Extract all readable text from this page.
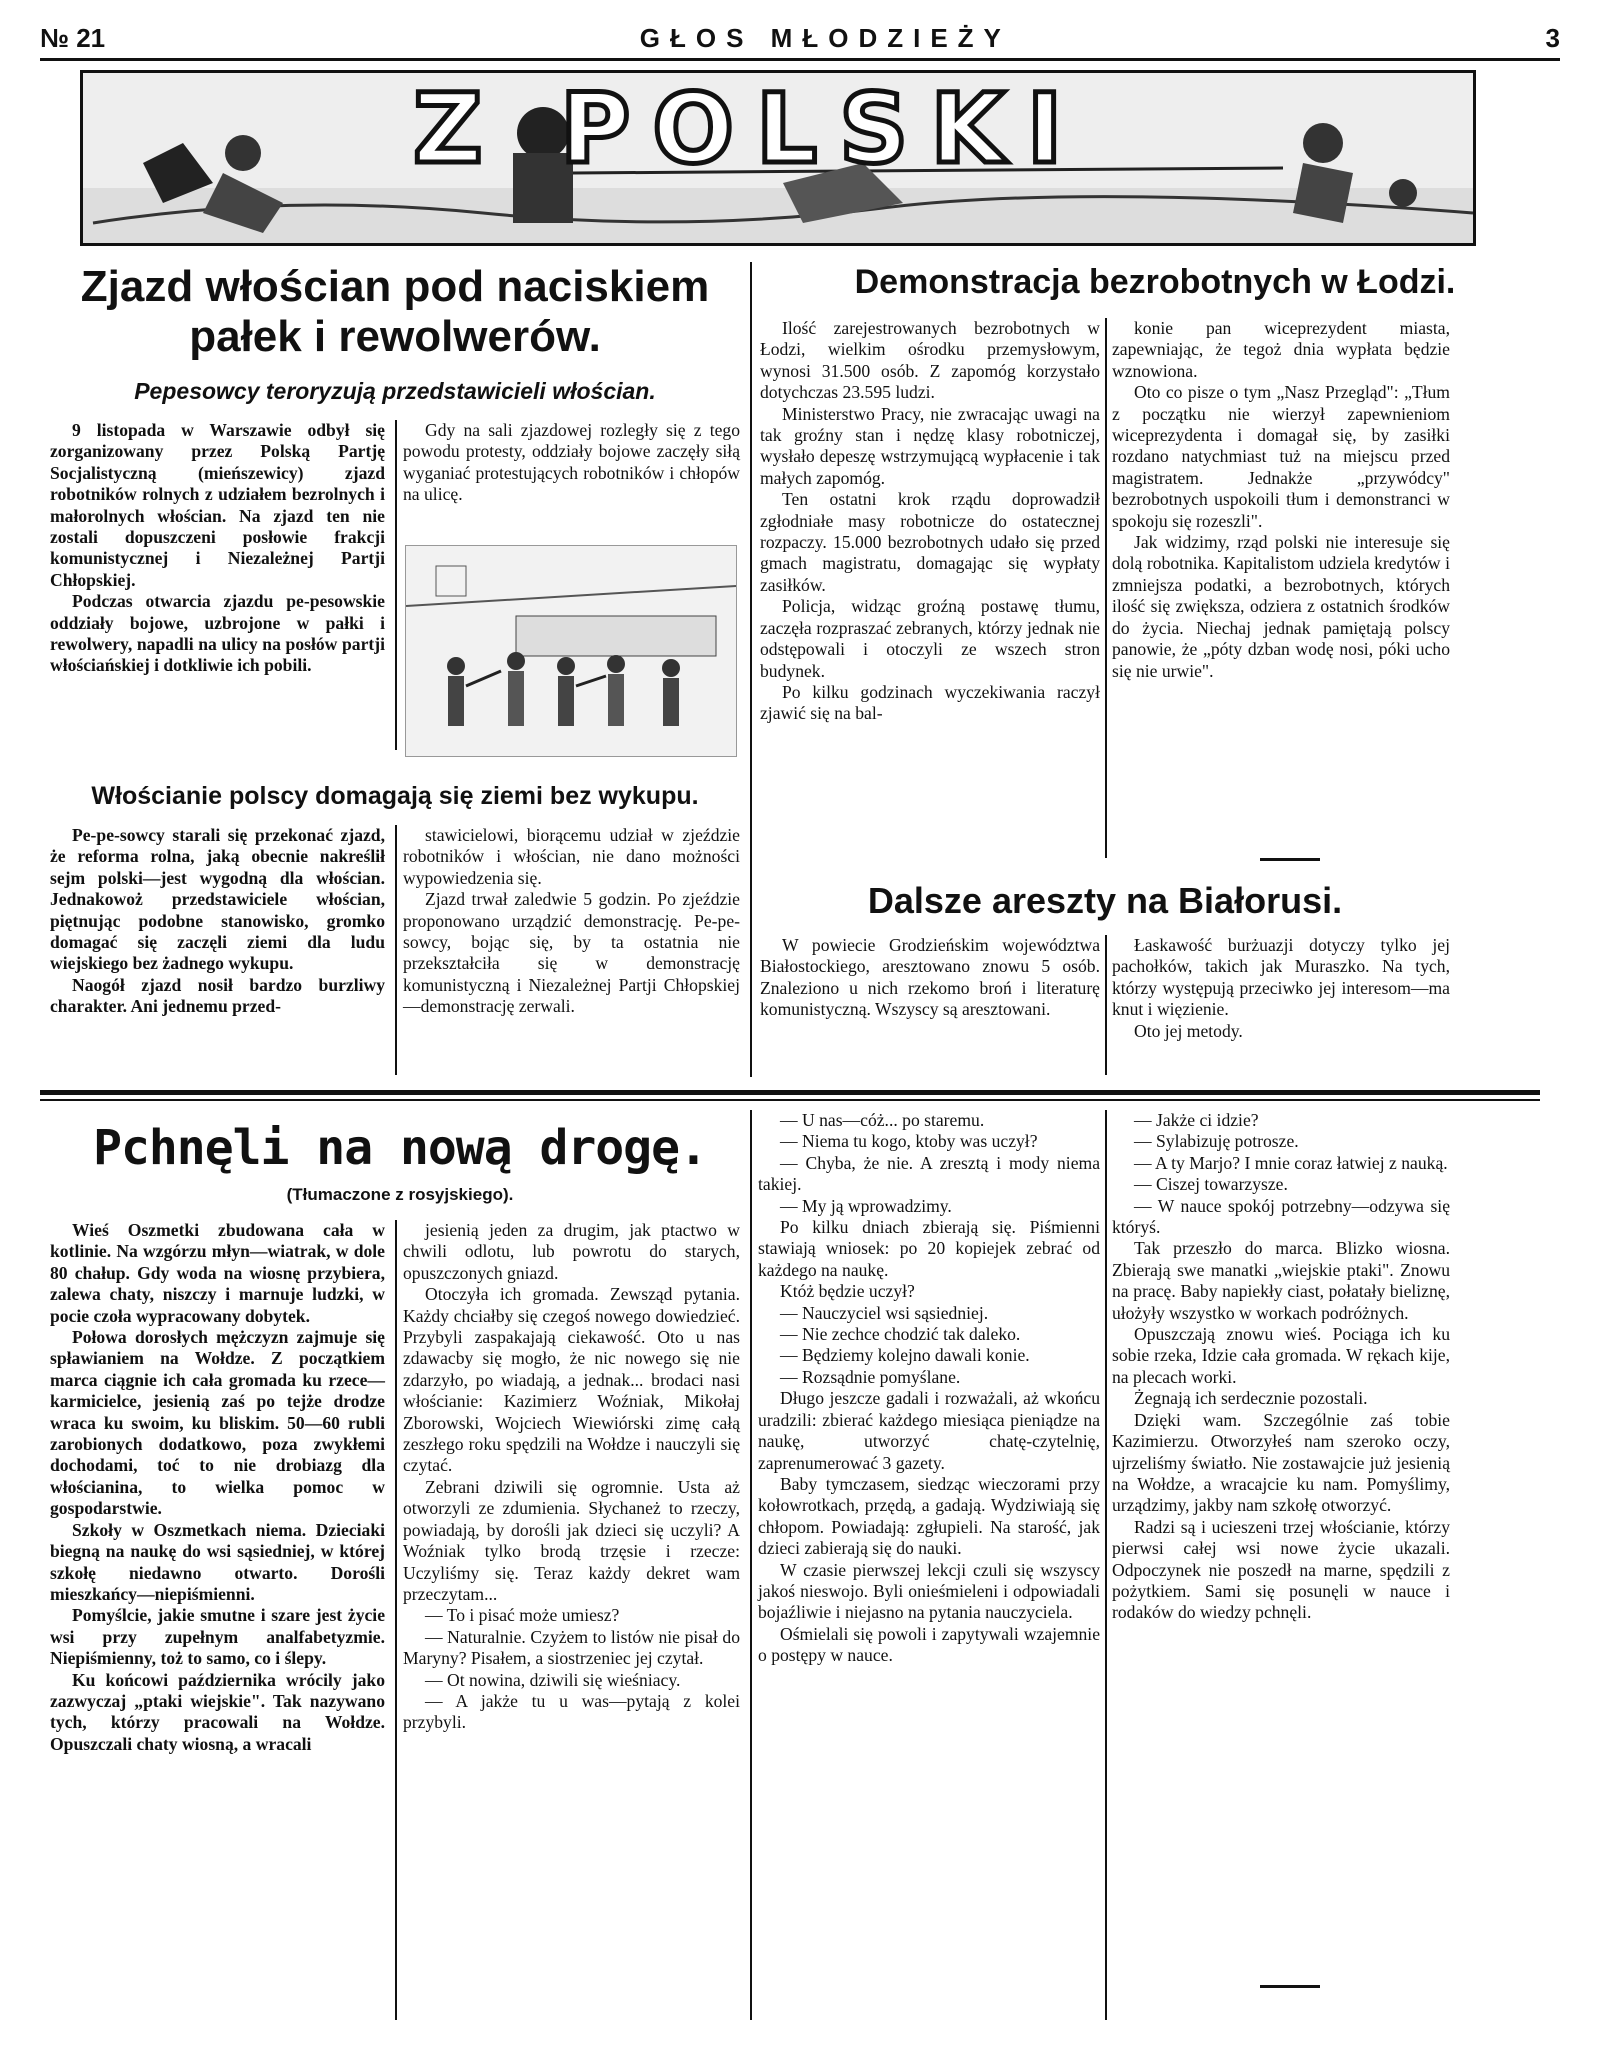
№ 21	GŁOS MŁODZIEŻY	3
Z POLSKI
Zjazd włościan pod naciskiem pałek i rewolwerów.
Pepesowcy teroryzują przedstawicieli włościan.

9 listopada w Warszawie odbył się zorganizowany przez Polską Partję Socjalistyczną (mieńszewicy) zjazd robotników rolnych z udziałem bezrolnych i małorolnych włościan. Na zjazd ten nie zostali dopuszczeni posłowie frakcji komunistycznej i Niezależnej Partji Chłopskiej.

Podczas otwarcia zjazdu pe-pesowskie oddziały bojowe, uzbrojone w pałki i rewolwery, napadli na ulicy na posłów partji włościańskiej i dotkliwie ich pobili.

Gdy na sali zjazdowej rozległy się z tego powodu protesty, oddziały bojowe zaczęły siłą wyganiać protestujących robotników i chłopów na ulicę.

Włościanie polscy domagają się ziemi bez wykupu.

Pe-pe-sowcy starali się przekonać zjazd, że reforma rolna, jaką obecnie nakreślił sejm polski—jest wygodną dla włościan. Jednakowoż przedstawiciele włościan, piętnując podobne stanowisko, gromko domagać się zaczęli ziemi dla ludu wiejskiego bez żadnego wykupu.

Naogół zjazd nosił bardzo burzliwy charakter. Ani jednemu przed-

stawicielowi, biorącemu udział w zjeździe robotników i włościan, nie dano możności wypowiedzenia się.

Zjazd trwał zaledwie 5 godzin. Po zjeździe proponowano urządzić demonstrację. Pe-pe-sowcy, bojąc się, by ta ostatnia nie przekształciła się w demonstrację komunistyczną i Niezależnej Partji Chłopskiej—demonstrację zerwali.

Demonstracja bezrobotnych w Łodzi.

Ilość zarejestrowanych bezrobotnych w Łodzi, wielkim ośrodku przemysłowym, wynosi 31.500 osób. Z zapomóg korzystało dotychczas 23.595 ludzi.

Ministerstwo Pracy, nie zwracając uwagi na tak groźny stan i nędzę klasy robotniczej, wysłało depeszę wstrzymującą wypłacenie i tak małych zapomóg.

Ten ostatni krok rządu doprowadził zgłodniałe masy robotnicze do ostatecznej rozpaczy. 15.000 bezrobotnych udało się przed gmach magistratu, domagając się wypłaty zasiłków.

Policja, widząc groźną postawę tłumu, zaczęła rozpraszać zebranych, którzy jednak nie odstępowali i otoczyli ze wszech stron budynek.

Po kilku godzinach wyczekiwania raczył zjawić się na bal-

konie pan wiceprezydent miasta, zapewniając, że tegoż dnia wypłata będzie wznowiona.

Oto co pisze o tym „Nasz Przegląd": „Tłum z początku nie wierzył zapewnieniom wiceprezydenta i domagał się, by zasiłki rozdano natychmiast tuż na miejscu przed magistratem. Jednakże „przywódcy" bezrobotnych uspokoili tłum i demonstranci w spokoju się rozeszli".

Jak widzimy, rząd polski nie interesuje się dolą robotnika. Kapitalistom udziela kredytów i zmniejsza podatki, a bezrobotnych, których ilość się zwiększa, odziera z ostatnich środków do życia. Niechaj jednak pamiętają polscy panowie, że „póty dzban wodę nosi, póki ucho się nie urwie".

Dalsze aresztу na Białorusi.

W powiecie Grodzieńskim województwa Białostockiego, aresztowano znowu 5 osób. Znaleziono u nich rzekomo broń i literaturę komunistyczną. Wszyscy są aresztowani.

Łaskawość burżuazji dotyczy tylko jej pachołków, takich jak Muraszko. Na tych, którzy występują przeciwko jej interesom—ma knut i więzienie.

Oto jej metody.

Pchnęli na nową drogę.
(Tłumaczone z rosyjskiego).

Wieś Oszmetki zbudowana cała w kotlinie. Na wzgórzu młyn—wiatrak, w dole 80 chałup. Gdy woda na wiosnę przybiera, zalewa chaty, niszczy i marnuje ludzki, w pocie czoła wypracowany dobytek.

Połowa dorosłych mężczyzn zajmuje się spławianiem na Wołdze. Z początkiem marca ciągnie ich cała gromada ku rzece—karmicielce, jesienią zaś po tejże drodze wraca ku swoim, ku bliskim. 50—60 rubli zarobionych dodatkowo, poza zwykłemi dochodami, toć to nie drobiazg dla włościanina, to wielka pomoc w gospodarstwie.

Szkoły w Oszmetkach niema. Dzieciaki biegną na naukę do wsi sąsiedniej, w której szkołę niedawno otwarto. Dorośli mieszkańcy—niepiśmienni.

Pomyślcie, jakie smutne i szare jest życie wsi przy zupełnym analfabetyzmie. Niepiśmienny, toż to samo, co i ślepy.

Ku końcowi października wrócily jako zazwyczaj „ptaki wiejskie". Tak nazywano tych, którzy pracowali na Wołdze. Opuszczali chaty wiosną, a wracali

jesienią jeden za drugim, jak ptactwo w chwili odlotu, lub powrotu do starych, opuszczonych gniazd.

Otoczyła ich gromada. Zewsząd pytania. Każdy chciałby się czegoś nowego dowiedzieć. Przybyli zaspakajają ciekawość. Oto u nas zdawacby się mogło, że nic nowego się nie zdarzyło, po wiadają, a jednak... brodaci nasi włościanie: Kazimierz Woźniak, Mikołaj Zborowski, Wojciech Wiewiórski zimę całą zeszłego roku spędzili na Wołdze i nauczyli się czytać.

Zebrani dziwili się ogromnie. Usta aż otworzyli ze zdumienia. Słychaneż to rzeczy, powiadają, by dorośli jak dzieci się uczyli? A Woźniak tylko brodą trzęsie i rzecze: Uczyliśmy się. Teraz każdy dekret wam przeczytam...

— To i pisać może umiesz?

— Naturalnie. Czyżem to listów nie pisał do Maryny? Pisałem, a siostrzeniec jej czytał.

— Ot nowina, dziwili się wieśniacy.

— A jakże tu u was—pytają z kolei przybyli.

— U nas—cóż... po staremu.

— Niema tu kogo, ktoby was uczył?

— Chyba, że nie. A zresztą i mody niema takiej.

— My ją wprowadzimy.

Po kilku dniach zbierają się. Piśmienni stawiają wniosek: po 20 kopiejek zebrać od każdego na naukę.

Któż będzie uczył?

— Nauczyciel wsi sąsiedniej.

— Nie zechce chodzić tak daleko.

— Będziemy kolejno dawali konie.

— Rozsądnie pomyślane.

Długo jeszcze gadali i rozważali, aż wkońcu uradzili: zbierać każdego miesiąca pieniądze na naukę, utworzyć chatę-czytelnię, zaprenumerować 3 gazety.

Baby tymczasem, siedząc wieczorami przy kołowrotkach, przędą, a gadają. Wydziwiają się chłopom. Powiadają: zgłupieli. Na starość, jak dzieci zabierają się do nauki.

W czasie pierwszej lekcji czuli się wszyscy jakoś nieswojo. Byli onieśmieleni i odpowiadali bojaźliwie i niejasno na pytania nauczyciela.

Ośmielali się powoli i zapytywali wzajemnie o postępy w nauce.

— Jakże ci idzie?

— Sylabizuję potrosze.

— A ty Marjo? I mnie coraz łatwiej z nauką.

— Ciszej towarzysze.

— W nauce spokój potrzebny—odzywa się któryś.

Tak przeszło do marca. Blizko wiosna. Zbierają swe manatki „wiejskie ptaki". Znowu na pracę. Baby napiekły ciast, połatały bieliznę, ułożyły wszystko w workach podróżnych.

Opuszczają znowu wieś. Pociąga ich ku sobie rzeka, Idzie cała gromada. W rękach kije, na plecach worki.

Żegnają ich serdecznie pozostali.

Dzięki wam. Szczególnie zaś tobie Kazimierzu. Otworzyłeś nam szeroko oczy, ujrzeliśmy światło. Nie zostawajcie już jesienią na Wołdze, a wracajcie ku nam. Pomyślimy, urządzimy, jakby nam szkołę otworzyć.

Radzi są i ucieszeni trzej włościanie, którzy pierwsi całej wsi nowe życie ukazali. Odpoczynek nie poszedł na marne, spędzili z pożytkiem. Sami się posunęli w nauce i rodaków do wiedzy pchnęli.
